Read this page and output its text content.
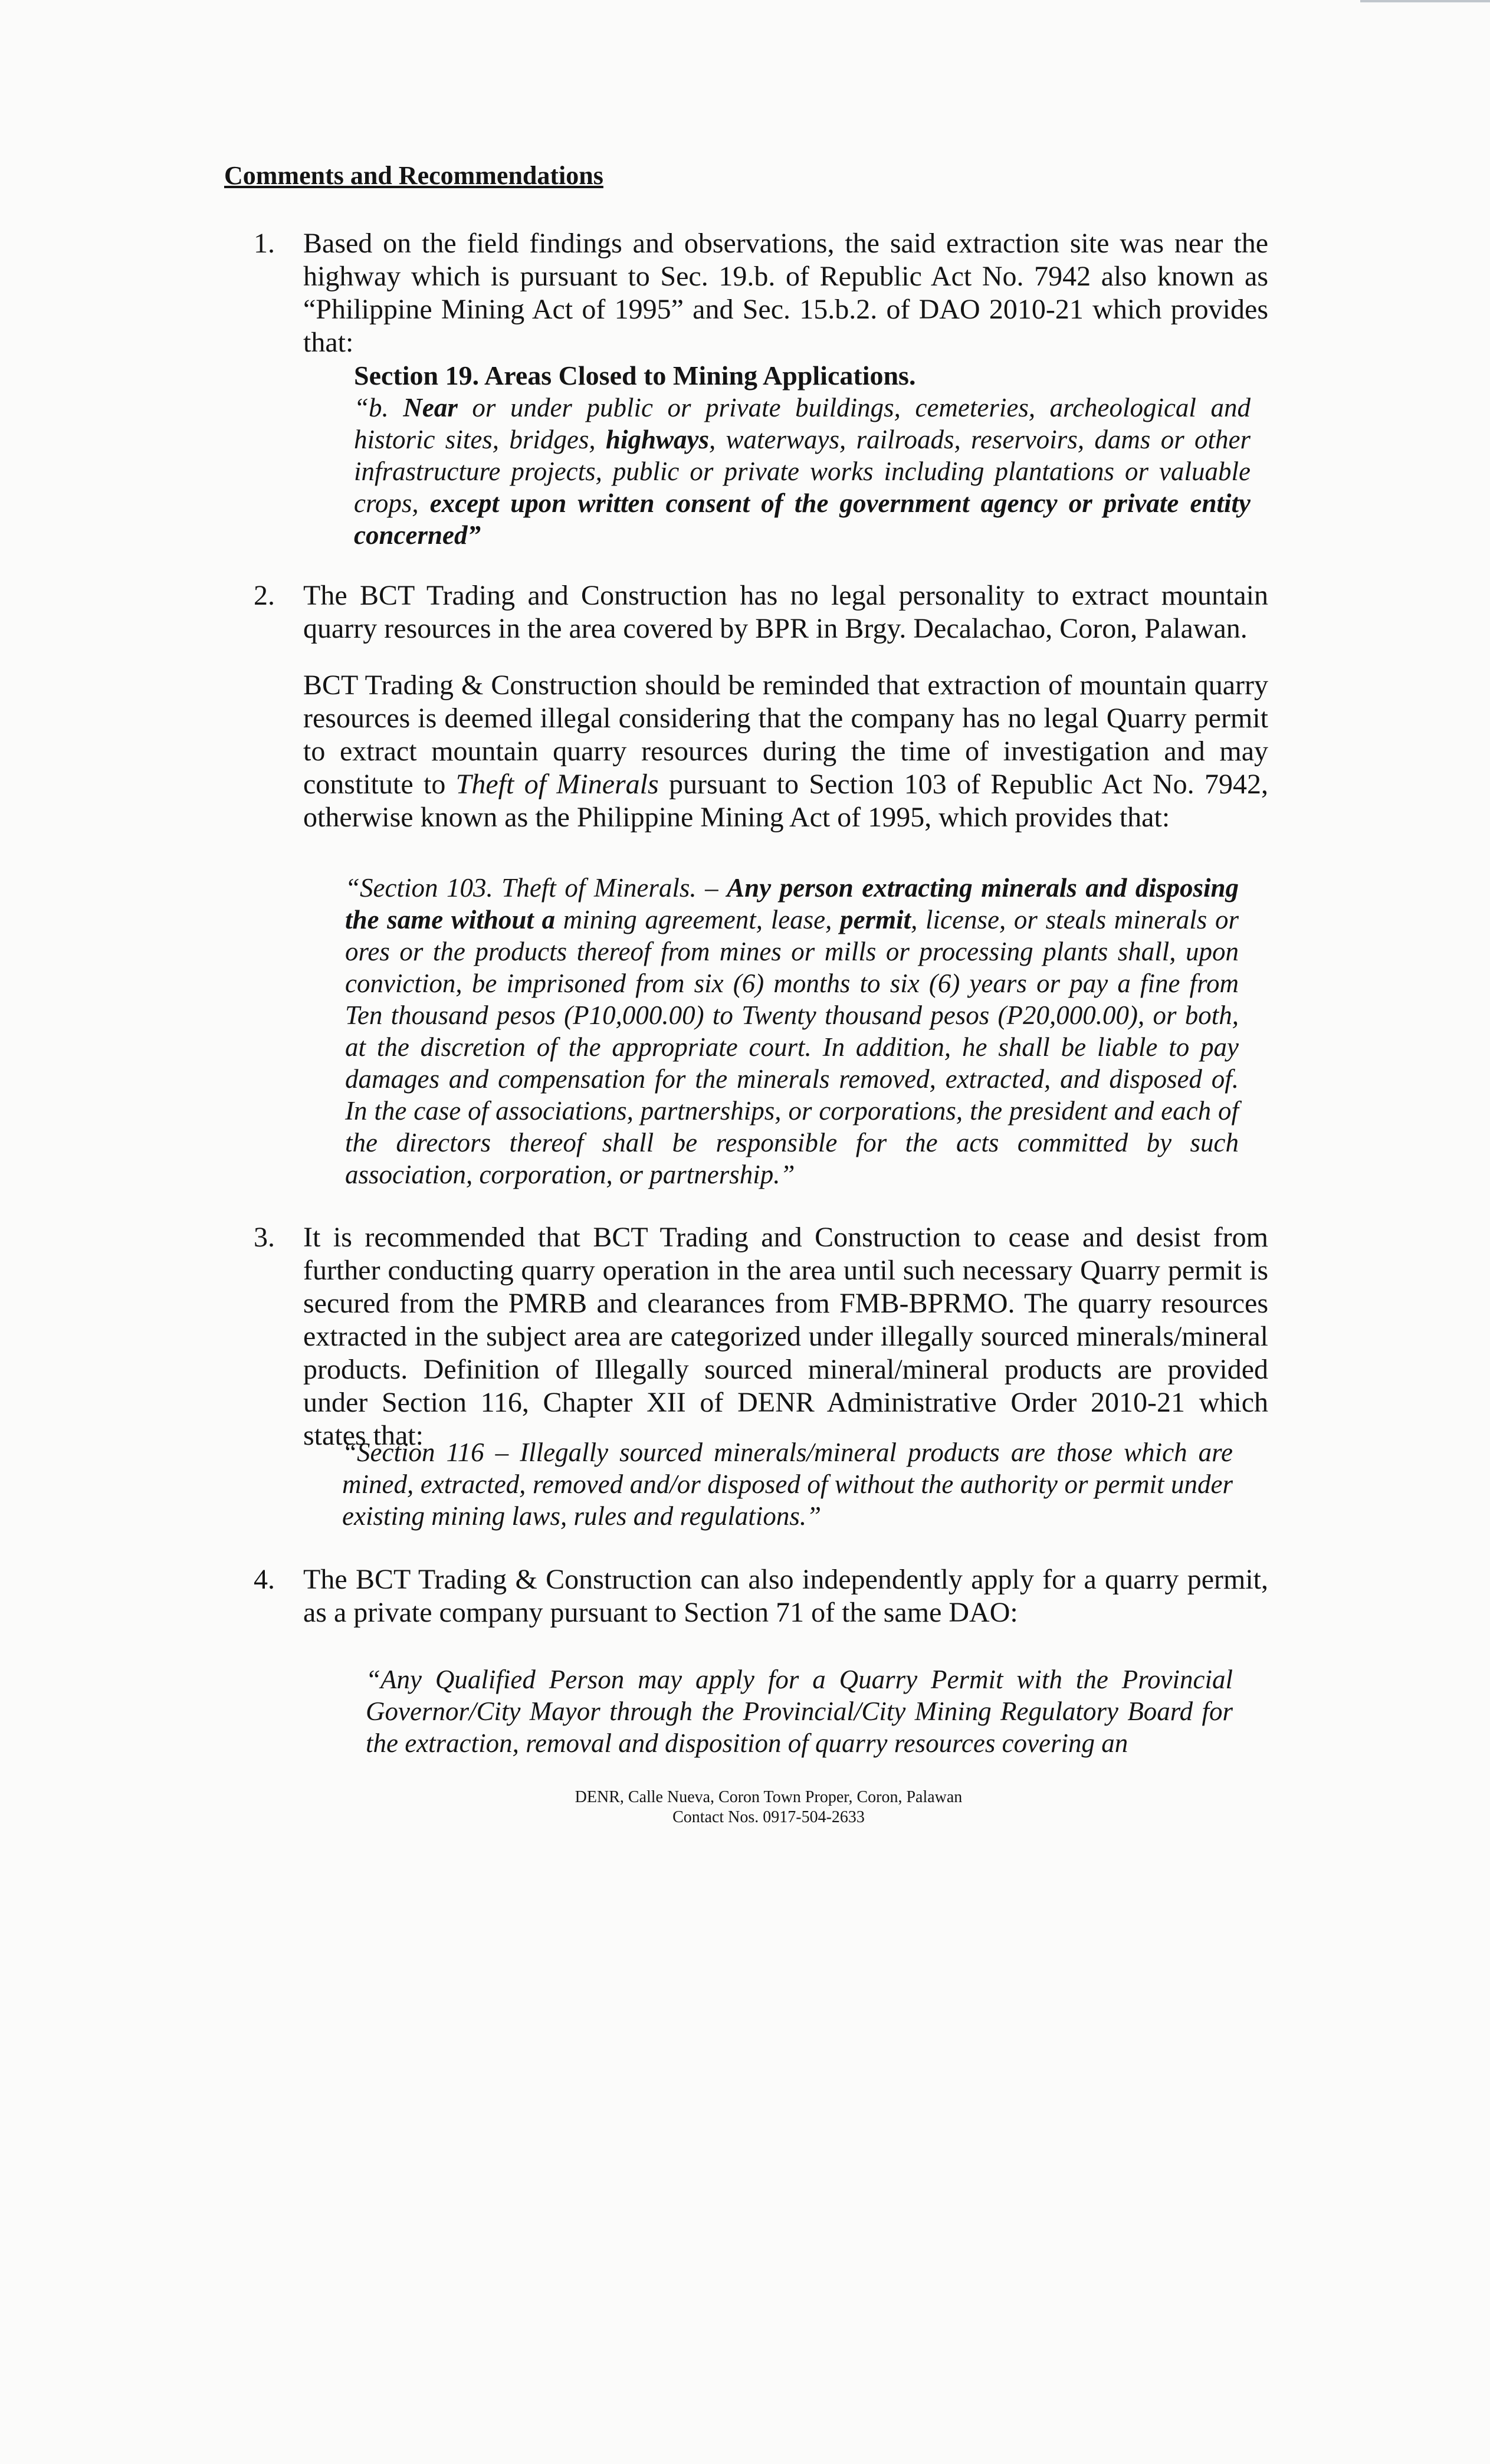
Comments and Recommendations
1. Based on the field findings and observations, the said extraction site was near the highway which is pursuant to Sec. 19.b. of Republic Act No. 7942 also known as “Philippine Mining Act of 1995” and Sec. 15.b.2. of DAO 2010-21 which provides that:

Section 19. Areas Closed to Mining Applications.
“b. Near or under public or private buildings, cemeteries, archeological and historic sites, bridges, highways, waterways, railroads, reservoirs, dams or other infrastructure projects, public or private works including plantations or valuable crops, except upon written consent of the government agency or private entity concerned”

2. The BCT Trading and Construction has no legal personality to extract mountain quarry resources in the area covered by BPR in Brgy. Decalachao, Coron, Palawan.

BCT Trading & Construction should be reminded that extraction of mountain quarry resources is deemed illegal considering that the company has no legal Quarry permit to extract mountain quarry resources during the time of investigation and may constitute to Theft of Minerals pursuant to Section 103 of Republic Act No. 7942, otherwise known as the Philippine Mining Act of 1995, which provides that:

“Section 103. Theft of Minerals. – Any person extracting minerals and disposing the same without a mining agreement, lease, permit, license, or steals minerals or ores or the products thereof from mines or mills or processing plants shall, upon conviction, be imprisoned from six (6) months to six (6) years or pay a fine from Ten thousand pesos (P10,000.00) to Twenty thousand pesos (P20,000.00), or both, at the discretion of the appropriate court. In addition, he shall be liable to pay damages and compensation for the minerals removed, extracted, and disposed of. In the case of associations, partnerships, or corporations, the president and each of the directors thereof shall be responsible for the acts committed by such association, corporation, or partnership.”

3. It is recommended that BCT Trading and Construction to cease and desist from further conducting quarry operation in the area until such necessary Quarry permit is secured from the PMRB and clearances from FMB-BPRMO. The quarry resources extracted in the subject area are categorized under illegally sourced minerals/mineral products. Definition of Illegally sourced mineral/mineral products are provided under Section 116, Chapter XII of DENR Administrative Order 2010-21 which states that:

“Section 116 – Illegally sourced minerals/mineral products are those which are mined, extracted, removed and/or disposed of without the authority or permit under existing mining laws, rules and regulations.”

4. The BCT Trading & Construction can also independently apply for a quarry permit, as a private company pursuant to Section 71 of the same DAO:

“Any Qualified Person may apply for a Quarry Permit with the Provincial Governor/City Mayor through the Provincial/City Mining Regulatory Board for the extraction, removal and disposition of quarry resources covering an

DENR, Calle Nueva, Coron Town Proper, Coron, Palawan
Contact Nos. 0917-504-2633
